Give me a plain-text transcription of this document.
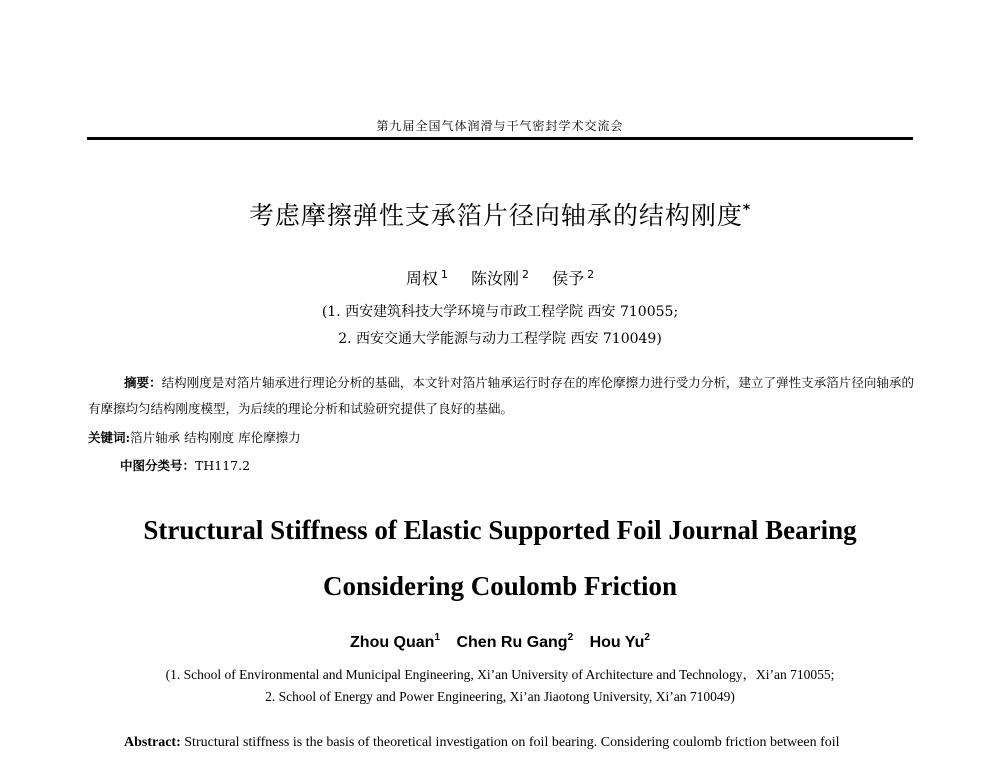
第九届全国气体润滑与干气密封学术交流会
考虑摩擦弹性支承箔片径向轴承的结构刚度*
周权 $^1$ 陈汝刚 $^2$ 侯予 $^2$
(1. 西安建筑科技大学环境与市政工程学院 西安 710055;
2. 西安交通大学能源与动力工程学院 西安 710049)
摘要：结构刚度是对箔片轴承进行理论分析的基础，本文针对箔片轴承运行时存在的库伦摩擦力进行受力分析，建立了弹性支承箔片径向轴承的有摩擦均匀结构刚度模型，为后续的理论分析和试验研究提供了良好的基础。
关键词:箔片轴承 结构刚度 库伦摩擦力
中图分类号：TH117.2
Structural Stiffness of Elastic Supported Foil Journal Bearing
Considering Coulomb Friction
Zhou Quan$^1$ Chen Ru Gang$^2$ Hou Yu$^2$
(1. School of Environmental and Municipal Engineering, Xi’an University of Architecture and Technology，Xi’an 710055;
2. School of Energy and Power Engineering, Xi’an Jiaotong University, Xi’an 710049)
Abstract: Structural stiffness is the basis of theoretical investigation on foil bearing. Considering coulomb friction between foil
